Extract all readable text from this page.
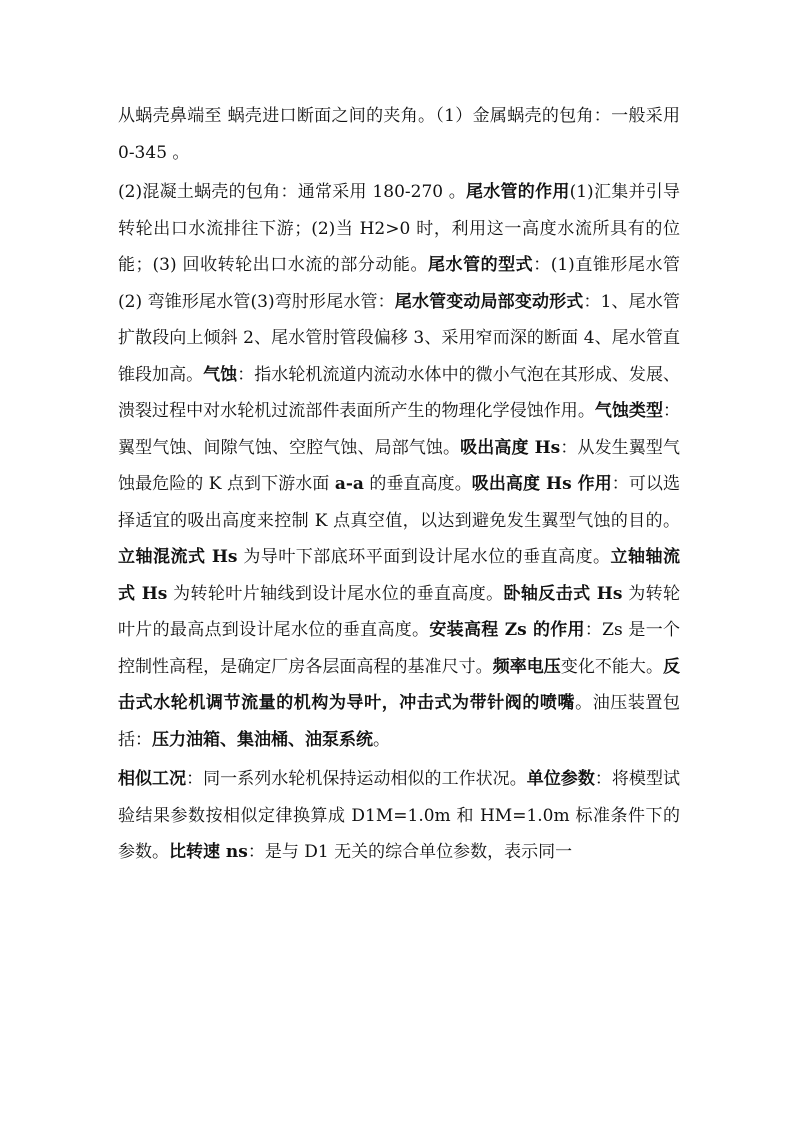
从蜗壳鼻端至 蜗壳进口断面之间的夹角。（1）金属蜗壳的包角：一般采用 0-345 。

(2)混凝土蜗壳的包角：通常采用 180-270 。尾水管的作用(1)汇集并引导转轮出口水流排往下游；(2)当 H2>0 时，利用这一高度水流所具有的位能；(3) 回收转轮出口水流的部分动能。尾水管的型式：(1)直锥形尾水管(2) 弯锥形尾水管(3)弯肘形尾水管：尾水管变动局部变动形式：1、尾水管扩散段向上倾斜 2、尾水管肘管段偏移 3、采用窄而深的断面 4、尾水管直锥段加高。气蚀：指水轮机流道内流动水体中的微小气泡在其形成、发展、溃裂过程中对水轮机过流部件表面所产生的物理化学侵蚀作用。气蚀类型：翼型气蚀、间隙气蚀、空腔气蚀、局部气蚀。吸出高度 Hs：从发生翼型气蚀最危险的 K 点到下游水面 a-a 的垂直高度。吸出高度 Hs 作用：可以选择适宜的吸出高度来控制 K 点真空值，以达到避免发生翼型气蚀的目的。立轴混流式 Hs 为导叶下部底环平面到设计尾水位的垂直高度。立轴轴流式 Hs 为转轮叶片轴线到设计尾水位的垂直高度。卧轴反击式 Hs 为转轮叶片的最高点到设计尾水位的垂直高度。安装高程 Zs 的作用：Zs 是一个控制性高程，是确定厂房各层面高程的基准尺寸。频率电压变化不能大。反击式水轮机调节流量的机构为导叶，冲击式为带针阀的喷嘴。油压装置包括：压力油箱、集油桶、油泵系统。

相似工况：同一系列水轮机保持运动相似的工作状况。单位参数：将模型试验结果参数按相似定律换算成 D1M=1.0m 和 HM=1.0m 标准条件下的参数。比转速 ns：是与 D1 无关的综合单位参数，表示同一
